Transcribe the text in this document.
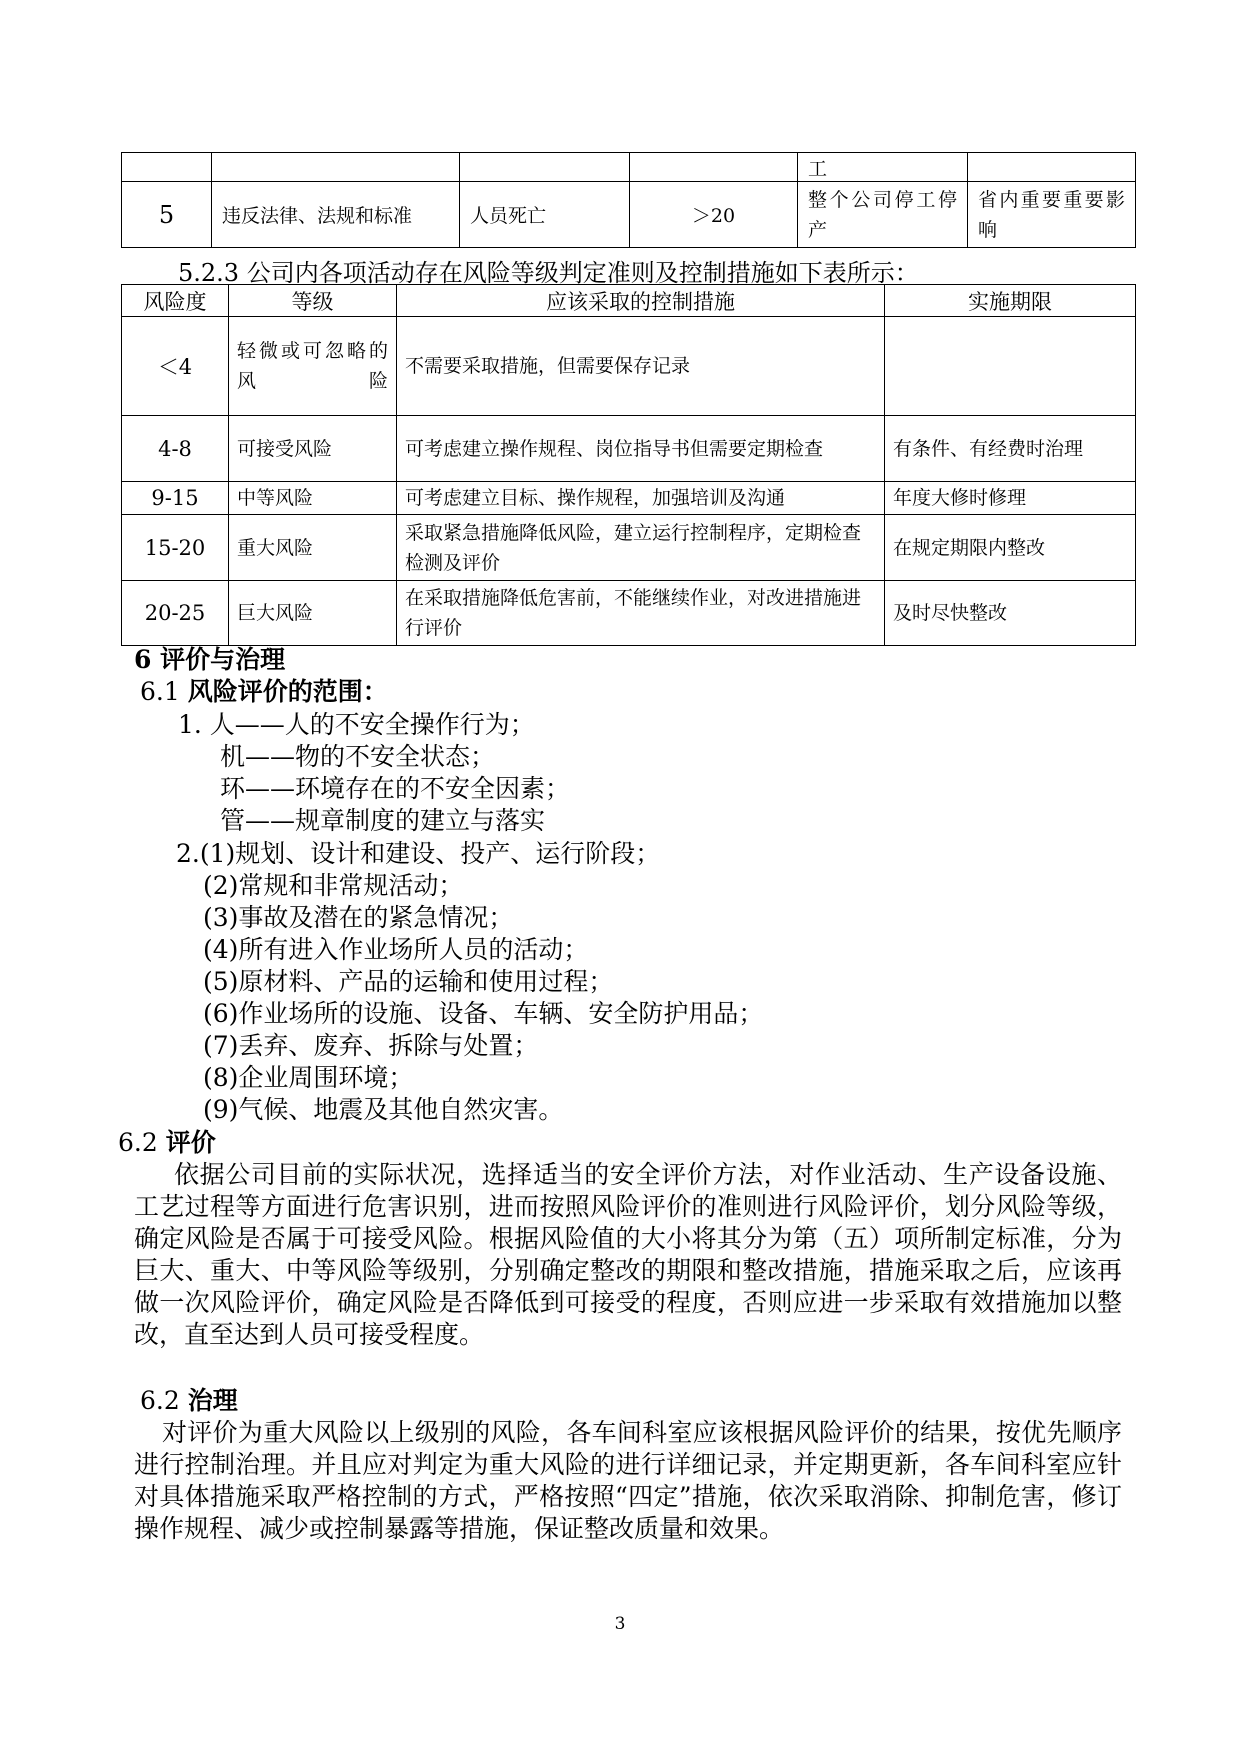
				工	
5	违反法律、法规和标准	人员死亡	＞20	整个公司停工停产	省内重要重要影响
5.2.3 公司内各项活动存在风险等级判定准则及控制措施如下表所示：
风险度	等级	应该采取的控制措施	实施期限
＜4	轻微或可忽略的风险	不需要采取措施，但需要保存记录	
4-8	可接受风险	可考虑建立操作规程、岗位指导书但需要定期检查	有条件、有经费时治理
9-15	中等风险	可考虑建立目标、操作规程，加强培训及沟通	年度大修时修理
15-20	重大风险	采取紧急措施降低风险，建立运行控制程序，定期检查检测及评价	在规定期限内整改
20-25	巨大风险	在采取措施降低危害前，不能继续作业，对改进措施进行评价	及时尽快整改
6 评价与治理
6.1 风险评价的范围：
1. 人——人的不安全操作行为；
机——物的不安全状态；
环——环境存在的不安全因素；
管——规章制度的建立与落实
2.(1)规划、设计和建设、投产、运行阶段；
(2)常规和非常规活动；
(3)事故及潜在的紧急情况；
(4)所有进入作业场所人员的活动；
(5)原材料、产品的运输和使用过程；
(6)作业场所的设施、设备、车辆、安全防护用品；
(7)丢弃、废弃、拆除与处置；
(8)企业周围环境；
(9)气候、地震及其他自然灾害。
6.2 评价
依据公司目前的实际状况，选择适当的安全评价方法，对作业活动、生产设备设施、工艺过程等方面进行危害识别，进而按照风险评价的准则进行风险评价，划分风险等级，确定风险是否属于可接受风险。根据风险值的大小将其分为第（五）项所制定标准，分为巨大、重大、中等风险等级别，分别确定整改的期限和整改措施，措施采取之后，应该再做一次风险评价，确定风险是否降低到可接受的程度，否则应进一步采取有效措施加以整改，直至达到人员可接受程度。
6.2 治理
对评价为重大风险以上级别的风险，各车间科室应该根据风险评价的结果，按优先顺序进行控制治理。并且应对判定为重大风险的进行详细记录，并定期更新，各车间科室应针对具体措施采取严格控制的方式，严格按照“四定”措施，依次采取消除、抑制危害，修订操作规程、减少或控制暴露等措施，保证整改质量和效果。
3
